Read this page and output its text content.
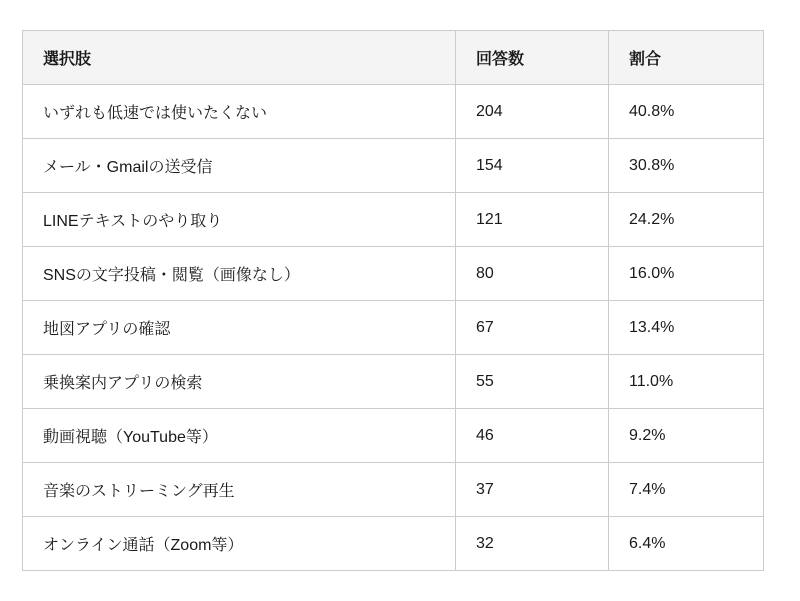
選択肢	回答数	割合
いずれも低速では使いたくない	204	40.8%
メール・Gmailの送受信	154	30.8%
LINEテキストのやり取り	121	24.2%
SNSの文字投稿・閲覧（画像なし）	80	16.0%
地図アプリの確認	67	13.4%
乗換案内アプリの検索	55	11.0%
動画視聴（YouTube等）	46	9.2%
音楽のストリーミング再生	37	7.4%
オンライン通話（Zoom等）	32	6.4%
